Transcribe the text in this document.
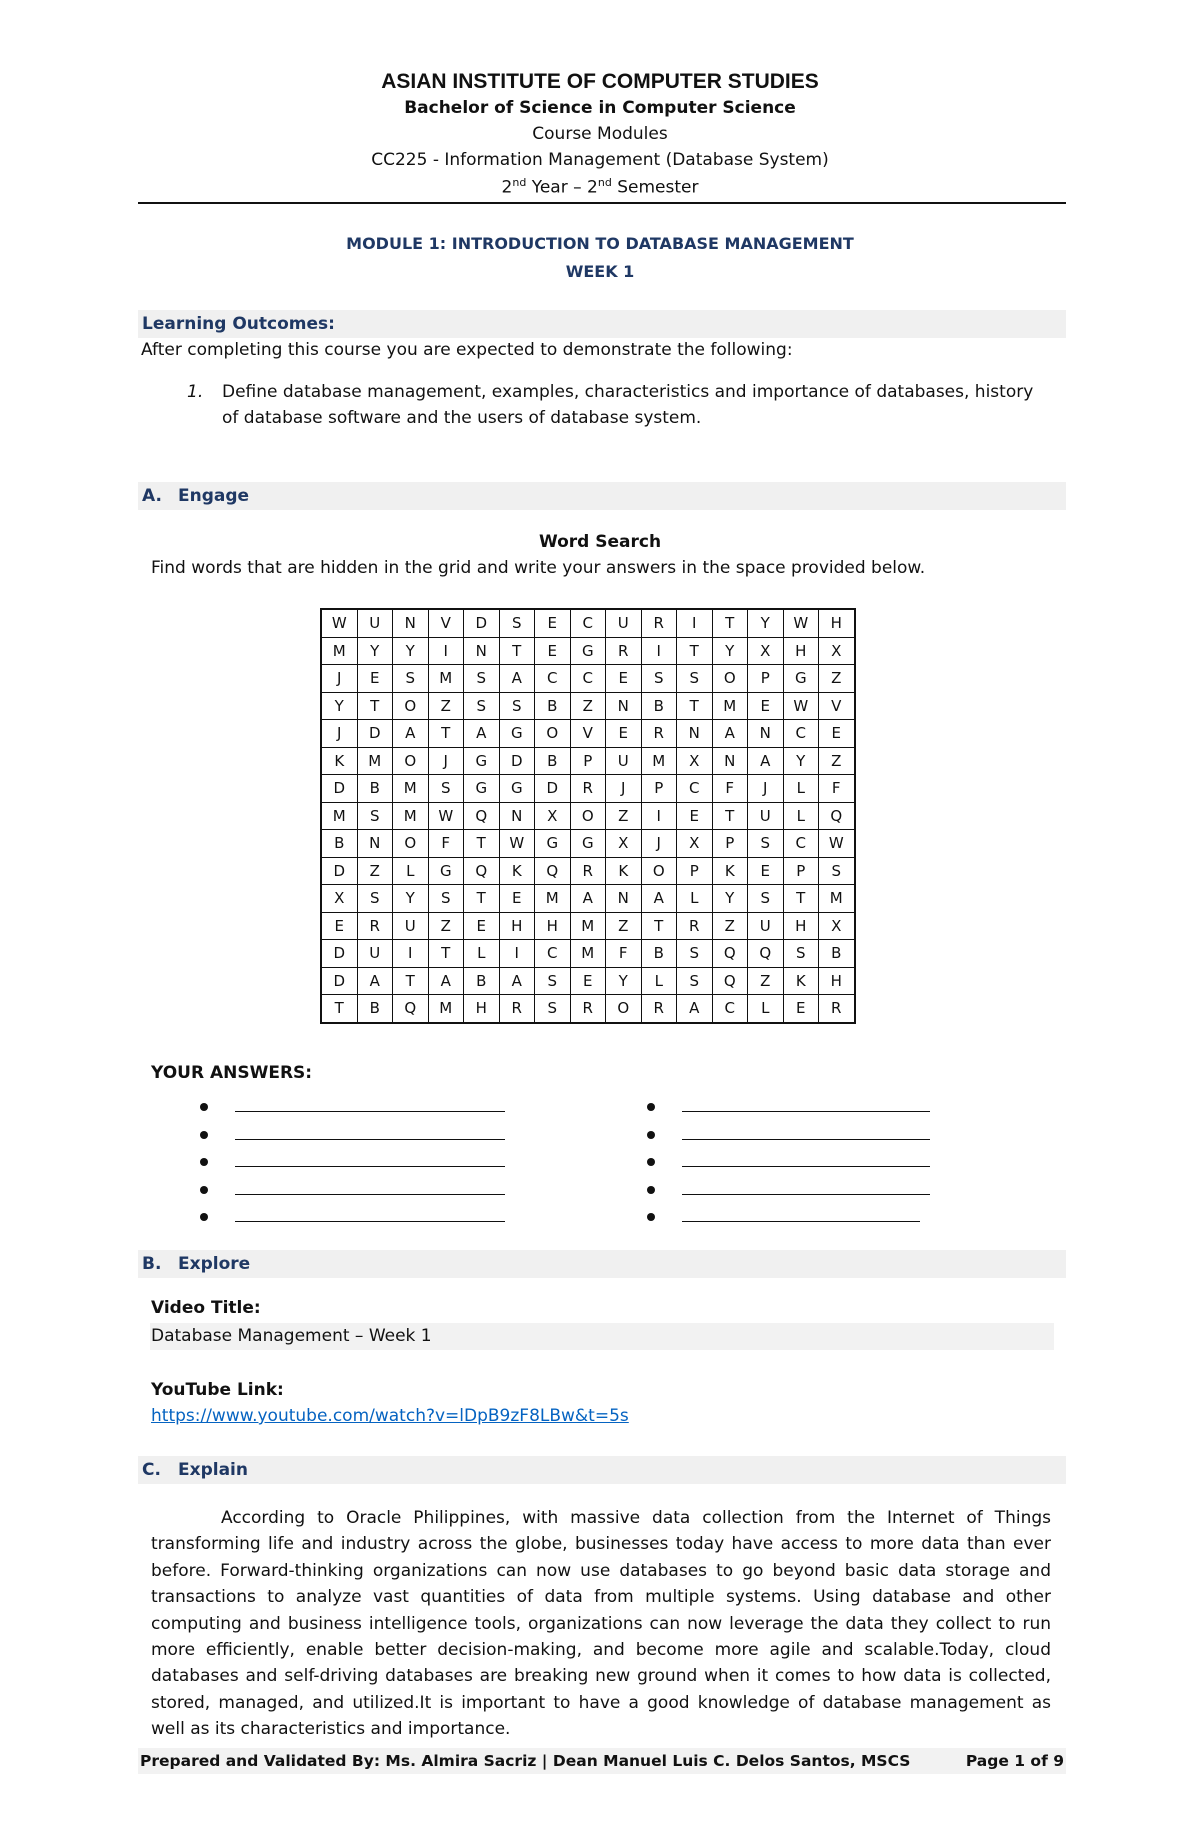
ASIAN INSTITUTE OF COMPUTER STUDIES
Bachelor of Science in Computer Science
Course Modules
CC225 - Information Management (Database System)
2nd Year – 2nd Semester
MODULE 1: INTRODUCTION TO DATABASE MANAGEMENT
WEEK 1
Learning Outcomes:
After completing this course you are expected to demonstrate the following:
1. Define database management, examples, characteristics and importance of databases, history
of database software and the users of database system.
A. Engage
Word Search
Find words that are hidden in the grid and write your answers in the space provided below.
W	U	N	V	D	S	E	C	U	R	I	T	Y	W	H
M	Y	Y	I	N	T	E	G	R	I	T	Y	X	H	X
J	E	S	M	S	A	C	C	E	S	S	O	P	G	Z
Y	T	O	Z	S	S	B	Z	N	B	T	M	E	W	V
J	D	A	T	A	G	O	V	E	R	N	A	N	C	E
K	M	O	J	G	D	B	P	U	M	X	N	A	Y	Z
D	B	M	S	G	G	D	R	J	P	C	F	J	L	F
M	S	M	W	Q	N	X	O	Z	I	E	T	U	L	Q
B	N	O	F	T	W	G	G	X	J	X	P	S	C	W
D	Z	L	G	Q	K	Q	R	K	O	P	K	E	P	S
X	S	Y	S	T	E	M	A	N	A	L	Y	S	T	M
E	R	U	Z	E	H	H	M	Z	T	R	Z	U	H	X
D	U	I	T	L	I	C	M	F	B	S	Q	Q	S	B
D	A	T	A	B	A	S	E	Y	L	S	Q	Z	K	H
T	B	Q	M	H	R	S	R	O	R	A	C	L	E	R
YOUR ANSWERS:
B. Explore
Video Title:
Database Management – Week 1
YouTube Link:
https://www.youtube.com/watch?v=lDpB9zF8LBw&t=5s
C. Explain
According to Oracle Philippines, with massive data collection from the Internet of Things transforming life and industry across the globe, businesses today have access to more data than ever before. Forward-thinking organizations can now use databases to go beyond basic data storage and transactions to analyze vast quantities of data from multiple systems. Using database and other computing and business intelligence tools, organizations can now leverage the data they collect to run more efficiently, enable better decision-making, and become more agile and scalable.Today, cloud databases and self-driving databases are breaking new ground when it comes to how data is collected, stored, managed, and utilized.It is important to have a good knowledge of database management as well as its characteristics and importance.
Prepared and Validated By: Ms. Almira Sacriz | Dean Manuel Luis C. Delos Santos, MSCS	Page 1 of 9
